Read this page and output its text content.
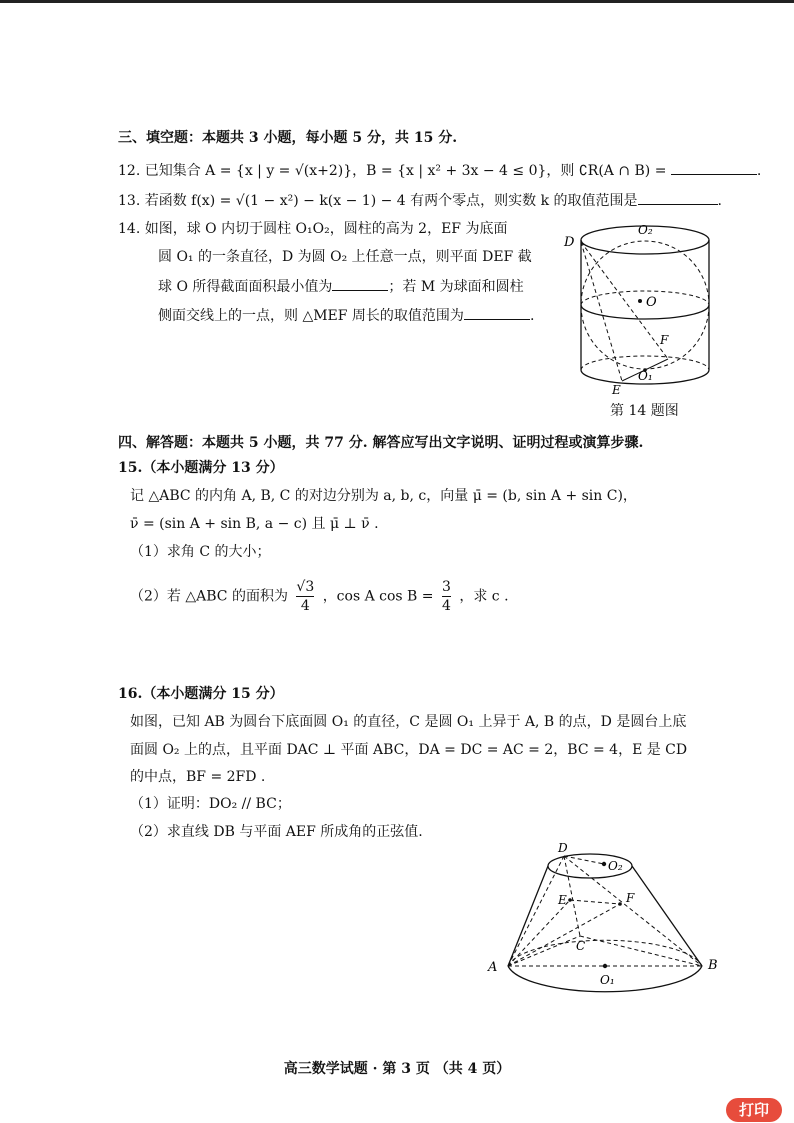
三、填空题：本题共 3 小题，每小题 5 分，共 15 分.
12. 已知集合 A = {x | y = √(x+2)}，B = {x | x² + 3x − 4 ≤ 0}，则 ∁R(A ∩ B) =	.
13. 若函数 f(x) = √(1 − x²) − k(x − 1) − 4 有两个零点，则实数 k 的取值范围是	.
14. 如图，球 O 内切于圆柱 O₁O₂，圆柱的高为 2，EF 为底面
圆 O₁ 的一条直径，D 为圆 O₂ 上任意一点，则平面 DEF 截
球 O 所得截面面积最小值为	；若 M 为球面和圆柱
侧面交线上的一点，则 △MEF 周长的取值范围为	.
D
O₂
O
F
O₁
E
第 14 题图
四、解答题：本题共 5 小题，共 77 分. 解答应写出文字说明、证明过程或演算步骤.
15.（本小题满分 13 分）
记 △ABC 的内角 A, B, C 的对边分别为 a, b, c，向量 μ̄ = (b, sin A + sin C)，
ν̄ = (sin A + sin B, a − c) 且 μ̄ ⊥ ν̄ .
（1）求角 C 的大小；
（2）若 △ABC 的面积为 $\frac{√3}{4}$ ，cos A $\cos B = \frac{3}{4}$ ，求 c .
16.（本小题满分 15 分）
如图，已知 AB 为圆台下底面圆 O₁ 的直径，C 是圆 O₁ 上异于 A, B 的点，D 是圆台上底
面圆 O₂ 上的点，且平面 DAC ⊥ 平面 ABC，DA = DC = AC = 2，BC = 4，E 是 CD
的中点，BF = 2FD .
（1）证明：DO₂ // BC；
（2）求直线 DB 与平面 AEF 所成角的正弦值.
D
O₂
E	F
C
A	B
O₁
高三数学试题 · 第 3 页 （共 4 页）
打印
